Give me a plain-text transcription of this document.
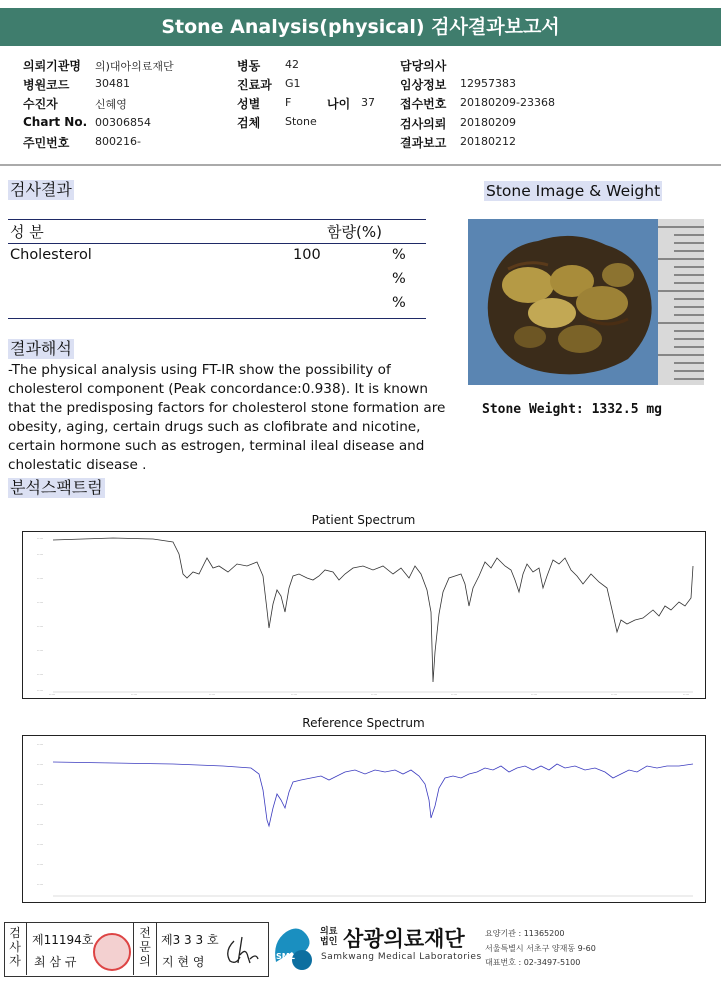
Stone Analysis(physical) 검사결과보고서
의뢰기관명 의)대아의료재단
병원코드 30481
수진자	신혜영
Chart No. 00306854
주민번호 800216-
병동 42
진료과 G1
성별 F	나이 37
검체 Stone
담당의사
임상정보 12957383
접수번호 20180209-23368
검사의뢰 20180209
결과보고 20180212
검사결과
성 분	함량(%)
Cholesterol	100	%
%
%
결과해석
-The physical analysis using FT-IR show the possibility of cholesterol component (Peak concordance:0.938). It is known that the predisposing factors for cholesterol stone formation are obesity, aging, certain drugs such as clofibrate and nicotine, certain hormone such as estrogen, terminal ileal disease and cholestatic disease .
Stone Image & Weight
Stone Weight: 1332.5 mg
분석스팩트럼
Patient Spectrum
·····
·····
·····
·····
·····
·····
·····
·····
·····	·····	·····	·····	·····	·····	·····	·····	·····
Reference Spectrum
·····
·····
·····
·····
·····
·····
·····
·····
검사자
제11194호
최 삼 규
전문의
제3 3 3 호
지 현 영	SML
의료
법인 삼광의료재단
Samkwang Medical Laboratories
요양기관 : 11365200
서울특별시 서초구 양재동 9-60
대표번호 : 02-3497-5100
